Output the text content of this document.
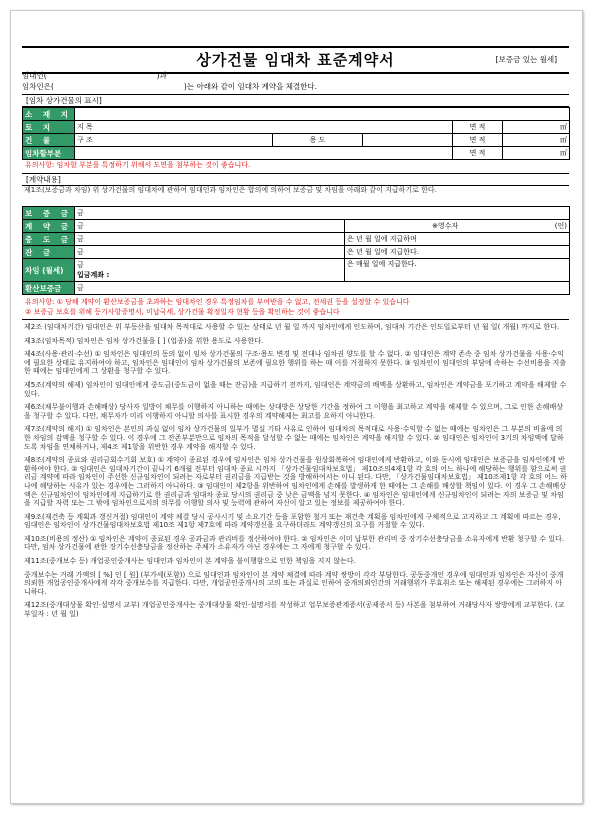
상가건물 임대차 표준계약서	[보증금 있는 월세]
임대인(	)과
임차인은(	)는 아래와 같이 임대차 계약을 체결한다.
[임차 상가건물의 표시]
소 재 지					
토 지	지 목			면 적	㎡
건 물	구 조	용 도		면 적	㎡
임차할부분				면 적	㎡
유의사항: 임차할 부분을 특정하기 위해서 도면을 첨부하는 것이 좋습니다.
[계약내용]
제1조(보증금과 차임) 위 상가건물의 임대차에 관하여 임대인과 임차인은 합의에 의하여 보증금 및 차임을 아래와 같이 지급하기로 한다.
보 증 금	금	
계 약 금	금	※영수자 (인)

중 도 금	금	은 년 월 일에 지급하며
잔 금	금	은 년 월 일에 지급한다.
차임 (월세)	금
입금계좌 :	은 매월 일에 지급한다.
환산보증금	금	
유의사항: ① 당해 계약이 환산보증금을 초과하는 임대차인 경우 특정임차를 부여받을 수 없고, 전세권 등을 설정할 수 있습니다
② 보증금 보호를 위해 등기사항증명서, 미납국세, 상가건물 확정일자 현황 등을 확인하는 것이 좋습니다

제2조 (임대차기간) 임대인은 위 부동산을 임대차 목적대로 사용할 수 있는 상태로 년 월 일 까지 임차인에게 인도하며, 임대차 기간은 인도일로부터 년 월 일( 개월) 까지로 한다.

제3조(임차목적) 임차인은 임차 상가건물을 [ ] (업종)을 위한 용도로 사용한다.

제4조(사용·관리·수선) ① 임차인은 임대인의 동의 없이 임차 상가건물의 구조·용도 변경 및 전대나 임차권 양도를 할 수 없다. ② 임대인은 계약 존속 중 임차 상가건물을 사용·수익에 필요한 상태로 유지하여야 하고, 임차인은 임대인이 임차 상가건물의 보존에 필요한 행위를 하는 때 이를 거절하지 못한다. ③ 임차인이 임대인의 부담에 속하는 수선비용을 지출한 때에는 임대인에게 그 상환을 청구할 수 있다.

제5조(계약의 해제) 임차인이 임대인에게 중도금(중도금이 없을 때는 잔금)을 지급하기 전까지, 임대인은 계약금의 배액을 상환하고, 임차인은 계약금을 포기하고 계약을 해제할 수 있다.

제6조(채무불이행과 손해배상) 당사자 일방이 채무를 이행하지 아니하는 때에는 상대방은 상당한 기간을 정하여 그 이행을 최고하고 계약을 해제할 수 있으며, 그로 인한 손해배상을 청구할 수 있다. 다만, 채무자가 미리 이행하지 아니할 의사를 표시한 경우의 계약해제는 최고를 요하지 아니한다.

제7조(계약의 해지) ① 임차인은 본인의 과실 없이 임차 상가건물의 일부가 멸실 기타 사유로 인하여 임대차의 목적대로 사용·수익할 수 없는 때에는 임차인은 그 부분의 비율에 의한 차임의 감액을 청구할 수 있다. 이 경우에 그 잔존부분만으로 임차의 목적을 달성할 수 없는 때에는 임차인은 계약을 해지할 수 있다. ② 임대인은 임차인이 3기의 차임액에 달하도록 차임을 연체하거나, 제4조 제1항을 위반한 경우 계약을 해지할 수 있다.

제8조(계약의 종료와 권리금회수기회 보호) ① 계약이 종료된 경우에 임차인은 임차 상가건물을 원상회복하여 임대인에게 반환하고, 이와 동시에 임대인은 보증금을 임차인에게 반환하여야 한다. ② 임대인은 임대차기간이 끝나기 6개월 전부터 임대차 종료 시까지 「상가건물임대차보호법」 제10조의4제1항 각 호의 어느 하나에 해당하는 행위를 함으로써 권리금 계약에 따라 임차인이 주선한 신규임차인이 되려는 자로부터 권리금을 지급받는 것을 방해하여서는 아니 된다. 다만, 「상가건물임대차보호법」 제10조제1항 각 호의 어느 하나에 해당하는 사유가 있는 경우에는 그러하지 아니하다. ③ 임대인이 제2항을 위반하여 임차인에게 손해를 발생하게 한 때에는 그 손해를 배상할 책임이 있다. 이 경우 그 손해배상액은 신규임차인이 임차인에게 지급하기로 한 권리금과 임대차 종료 당시의 권리금 중 낮은 금액을 넘지 못한다. ④ 임차인은 임대인에게 신규임차인이 되려는 자의 보증금 및 차임을 지급할 자력 또는 그 밖에 임차인으로서의 의무를 이행할 의사 및 능력에 관하여 자신이 알고 있는 정보를 제공하여야 한다.

제9조(재건축 등 계획과 갱신거절) 임대인이 계약 체결 당시 공사시기 및 소요기간 등을 포함한 철거 또는 재건축 계획을 임차인에게 구체적으로 고지하고 그 계획에 따르는 경우, 임대인은 임차인이 상가건물임대차보호법 제10조 제1항 제7호에 따라 계약갱신을 요구하더라도 계약갱신의 요구를 거절할 수 있다.

제10조(비용의 정산) ① 임차인은 계약이 종료된 경우 공과금과 관리비를 정산하여야 한다. ② 임차인은 이미 납부한 관리비 중 장기수선충당금을 소유자에게 반환 청구할 수 있다. 다만, 임차 상가건물에 관한 장기수선충당금을 정산하는 주체가 소유자가 아닌 경우에는 그 자에게 청구할 수 있다.

제11조(중개보수 등) 개업공인중개사는 임대인과 임차인이 본 계약을 불이행함으로 인한 책임을 지지 않는다.

중개보수는 거래 가액의 [ %] 인 [ 원] (부가세(포함)) 으로 임대인과 임차인이 본 계약 체결에 따라 계약 쌍방이 각각 부담한다. 공동중개인 경우에 임대인과 임차인은 자신이 중개 의뢰한 개업공인중개사에게 각각 중개보수를 지급한다. 다만, 개업공인중개사의 고의 또는 과실로 인하여 중개의뢰인간의 거래행위가 무효취소 또는 해제된 경우에는 그러하지 아니하다.

제12조(중개대상물 확인·설명서 교부) 개업공인중개사는 중개대상물 확인·설명서를 작성하고 업무보증관계증서(공제증서 등) 사본을 첨부하여 거래당사자 쌍방에게 교부한다. (교부일자 : 년 월 일)
